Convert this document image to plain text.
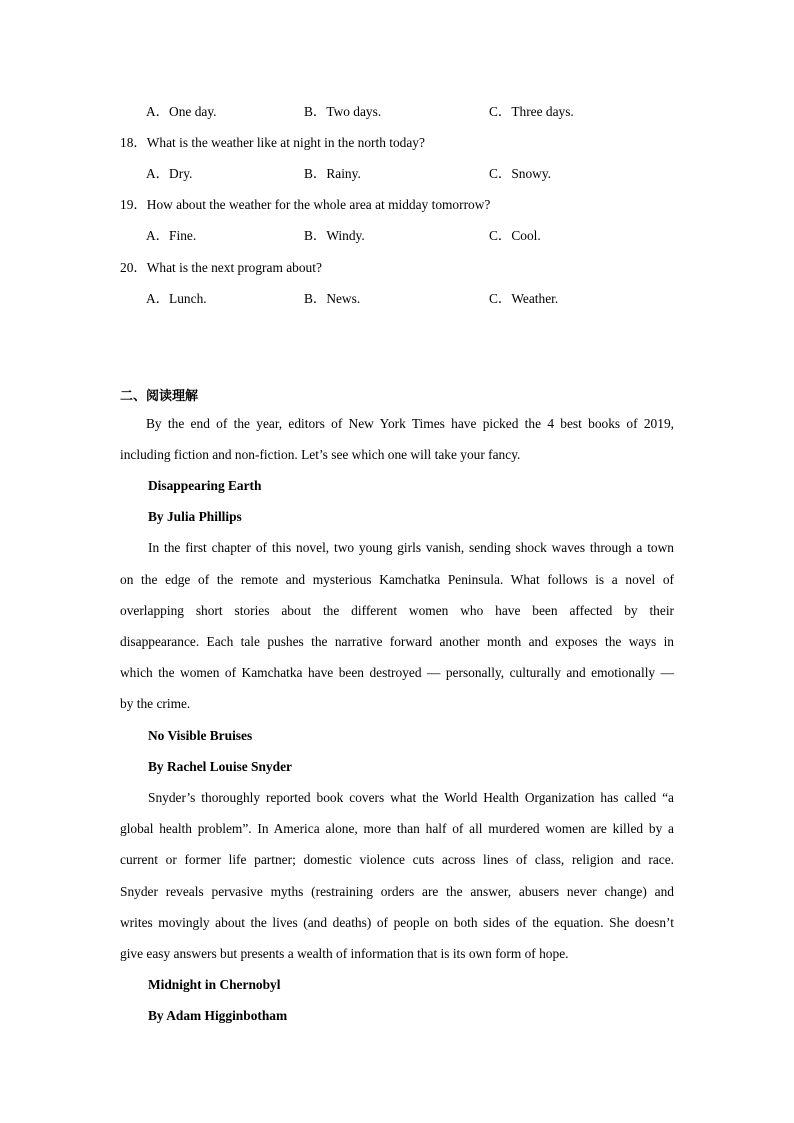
A．One day.	B．Two days.	C．Three days.
18．What is the weather like at night in the north today?
A．Dry.	B．Rainy.	C．Snowy.
19．How about the weather for the whole area at midday tomorrow?
A．Fine.	B．Windy.	C．Cool.
20．What is the next program about?
A．Lunch.	B．News.	C．Weather.
二、阅读理解
By the end of the year, editors of New York Times have picked the 4 best books of 2019,
including fiction and non-fiction. Let’s see which one will take your fancy.
Disappearing Earth
By Julia Phillips
In the first chapter of this novel, two young girls vanish, sending shock waves through a town
on the edge of the remote and mysterious Kamchatka Peninsula. What follows is a novel of
overlapping short stories about the different women who have been affected by their
disappearance. Each tale pushes the narrative forward another month and exposes the ways in
which the women of Kamchatka have been destroyed — personally, culturally and emotionally —
by the crime.
No Visible Bruises
By Rachel Louise Snyder
Snyder’s thoroughly reported book covers what the World Health Organization has called “a
global health problem”. In America alone, more than half of all murdered women are killed by a
current or former life partner; domestic violence cuts across lines of class, religion and race.
Snyder reveals pervasive myths (restraining orders are the answer, abusers never change) and
writes movingly about the lives (and deaths) of people on both sides of the equation. She doesn’t
give easy answers but presents a wealth of information that is its own form of hope.
Midnight in Chernobyl
By Adam Higginbotham
